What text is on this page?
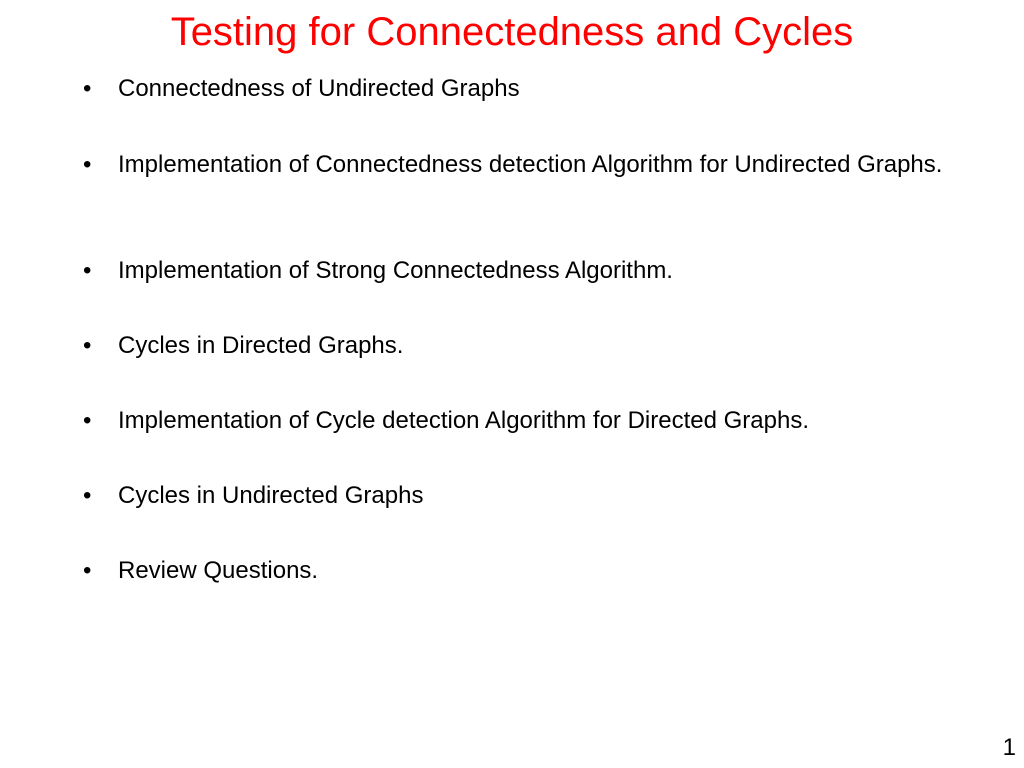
Testing for Connectedness and Cycles
• Connectedness of Undirected Graphs
• Implementation of Connectedness detection Algorithm for Undirected Graphs.
• Implementation of Strong Connectedness Algorithm.
• Cycles in Directed Graphs.
• Implementation of Cycle detection Algorithm for Directed Graphs.
• Cycles in Undirected Graphs
• Review Questions.
1
